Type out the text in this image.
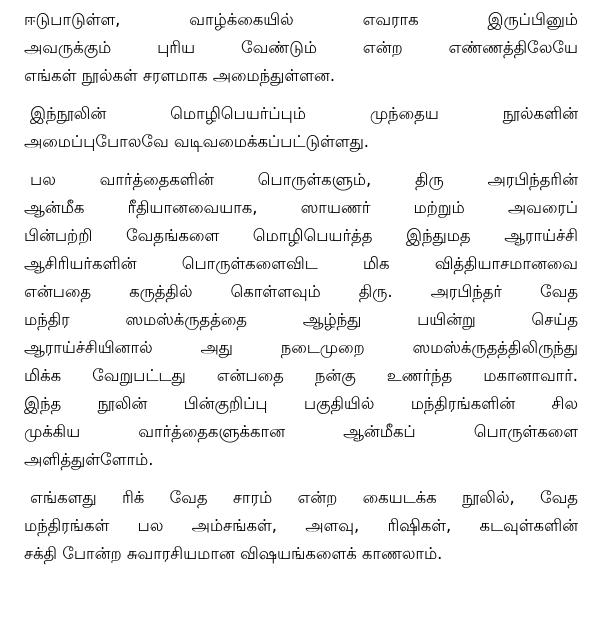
ஈடுபாடுள்ள, வாழ்க்கையில் எவராக இருப்பினும்
அவருக்கும் புரிய வேண்டும் என்ற எண்ணத்திலேயே
எங்கள் நூல்கள் சரளமாக அமைந்துள்ளன.
இந்நூலின் மொழிபெயர்ப்பும் முந்தைய நூல்களின்
அமைப்புபோலவே வடிவமைக்கப்பட்டுள்ளது.
பல வார்த்தைகளின் பொருள்களும், திரு அரபிந்தரின்
ஆன்மீக ரீதியானவையாக, ஸாயணர் மற்றும் அவரைப்
பின்பற்றி வேதங்களை மொழிபெயர்த்த இந்துமத ஆராய்ச்சி
ஆசிரியர்களின் பொருள்களைவிட மிக வித்தியாசமானவை
என்பதை கருத்தில் கொள்ளவும் திரு. அரபிந்தர் வேத
மந்திர ஸமஸ்க்ருதத்தை ஆழ்ந்து பயின்று செய்த
ஆராய்ச்சியினால் அது நடைமுறை ஸமஸ்க்ருதத்திலிருந்து
மிக்க வேறுபட்டது என்பதை நன்கு உணர்ந்த மகானாவார்.
இந்த நூலின் பின்குறிப்பு பகுதியில் மந்திரங்களின் சில
முக்கிய வார்த்தைகளுக்கான ஆன்மீகப் பொருள்களை
அளித்துள்ளோம்.
எங்களது ரிக் வேத சாரம் என்ற கையடக்க நூலில், வேத
மந்திரங்கள் பல அம்சங்கள், அளவு, ரிஷிகள், கடவுள்களின்
சக்தி போன்ற சுவாரசியமான விஷயங்களைக் காணலாம்.
